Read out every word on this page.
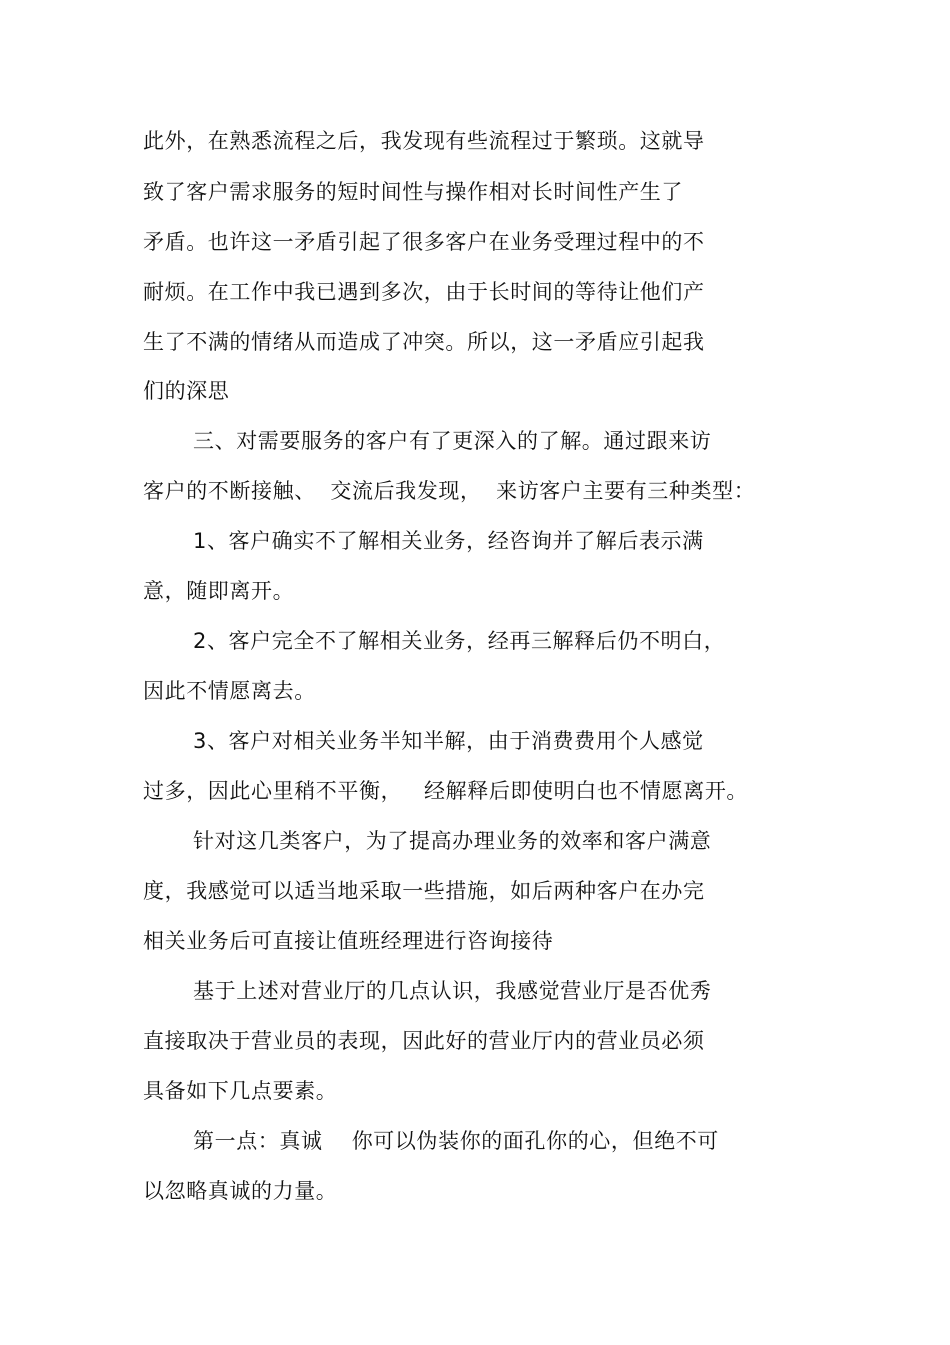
此外，在熟悉流程之后，我发现有些流程过于繁琐。这就导
致了客户需求服务的短时间性与操作相对长时间性产生了
矛盾。也许这一矛盾引起了很多客户在业务受理过程中的不
耐烦。在工作中我已遇到多次，由于长时间的等待让他们产
生了不满的情绪从而造成了冲突。所以，这一矛盾应引起我
们的深思
三、对需要服务的客户有了更深入的了解。通过跟来访
客户的不断接触、  交流后我发现，  来访客户主要有三种类型：
1、客户确实不了解相关业务，经咨询并了解后表示满
意，随即离开。
2、客户完全不了解相关业务，经再三解释后仍不明白，
因此不情愿离去。
3、客户对相关业务半知半解，由于消费费用个人感觉
过多，因此心里稍不平衡，   经解释后即使明白也不情愿离开。
针对这几类客户，为了提高办理业务的效率和客户满意
度，我感觉可以适当地采取一些措施，如后两种客户在办完
相关业务后可直接让值班经理进行咨询接待
基于上述对营业厅的几点认识，我感觉营业厅是否优秀
直接取决于营业员的表现，因此好的营业厅内的营业员必须
具备如下几点要素。
第一点：真诚    你可以伪装你的面孔你的心，但绝不可
以忽略真诚的力量。
